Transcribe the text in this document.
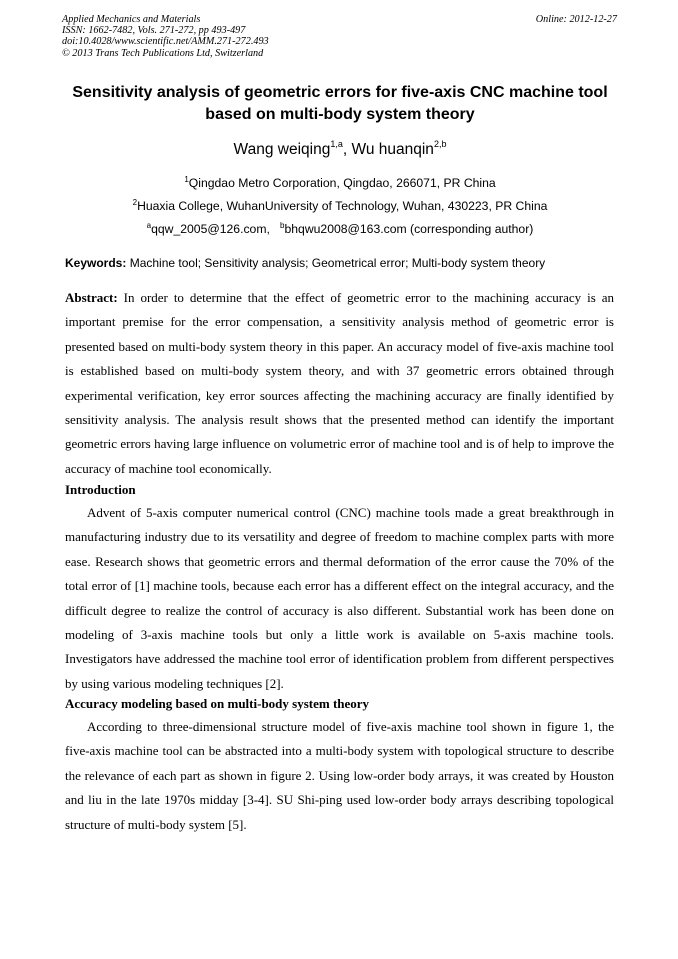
Applied Mechanics and Materials
ISSN: 1662-7482, Vols. 271-272, pp 493-497
doi:10.4028/www.scientific.net/AMM.271-272.493
© 2013 Trans Tech Publications Ltd, Switzerland
Online: 2012-12-27
Sensitivity analysis of geometric errors for five-axis CNC machine tool
based on multi-body system theory
Wang weiqing$^{1,a}$, Wu huanqin$^{2,b}$
$^1$Qingdao Metro Corporation, Qingdao, 266071, PR China
$^2$Huaxia College, WuhanUniversity of Technology, Wuhan, 430223, PR China
$^a$qqw_2005@126.com, $^b$bhqwu2008@163.com (corresponding author)
Keywords: Machine tool; Sensitivity analysis; Geometrical error; Multi-body system theory
Abstract: In order to determine that the effect of geometric error to the machining accuracy is an important premise for the error compensation, a sensitivity analysis method of geometric error is presented based on multi-body system theory in this paper. An accuracy model of five-axis machine tool is established based on multi-body system theory, and with 37 geometric errors obtained through experimental verification, key error sources affecting the machining accuracy are finally identified by sensitivity analysis. The analysis result shows that the presented method can identify the important geometric errors having large influence on volumetric error of machine tool and is of help to improve the accuracy of machine tool economically.
Introduction
Advent of 5-axis computer numerical control (CNC) machine tools made a great breakthrough in manufacturing industry due to its versatility and degree of freedom to machine complex parts with more ease. Research shows that geometric errors and thermal deformation of the error cause the 70% of the total error of [1] machine tools, because each error has a different effect on the integral accuracy, and the difficult degree to realize the control of accuracy is also different. Substantial work has been done on modeling of 3-axis machine tools but only a little work is available on 5-axis machine tools. Investigators have addressed the machine tool error of identification problem from different perspectives by using various modeling techniques [2].
Accuracy modeling based on multi-body system theory
According to three-dimensional structure model of five-axis machine tool shown in figure 1, the five-axis machine tool can be abstracted into a multi-body system with topological structure to describe the relevance of each part as shown in figure 2. Using low-order body arrays, it was created by Houston and liu in the late 1970s midday [3-4]. SU Shi-ping used low-order body arrays describing topological structure of multi-body system [5].
